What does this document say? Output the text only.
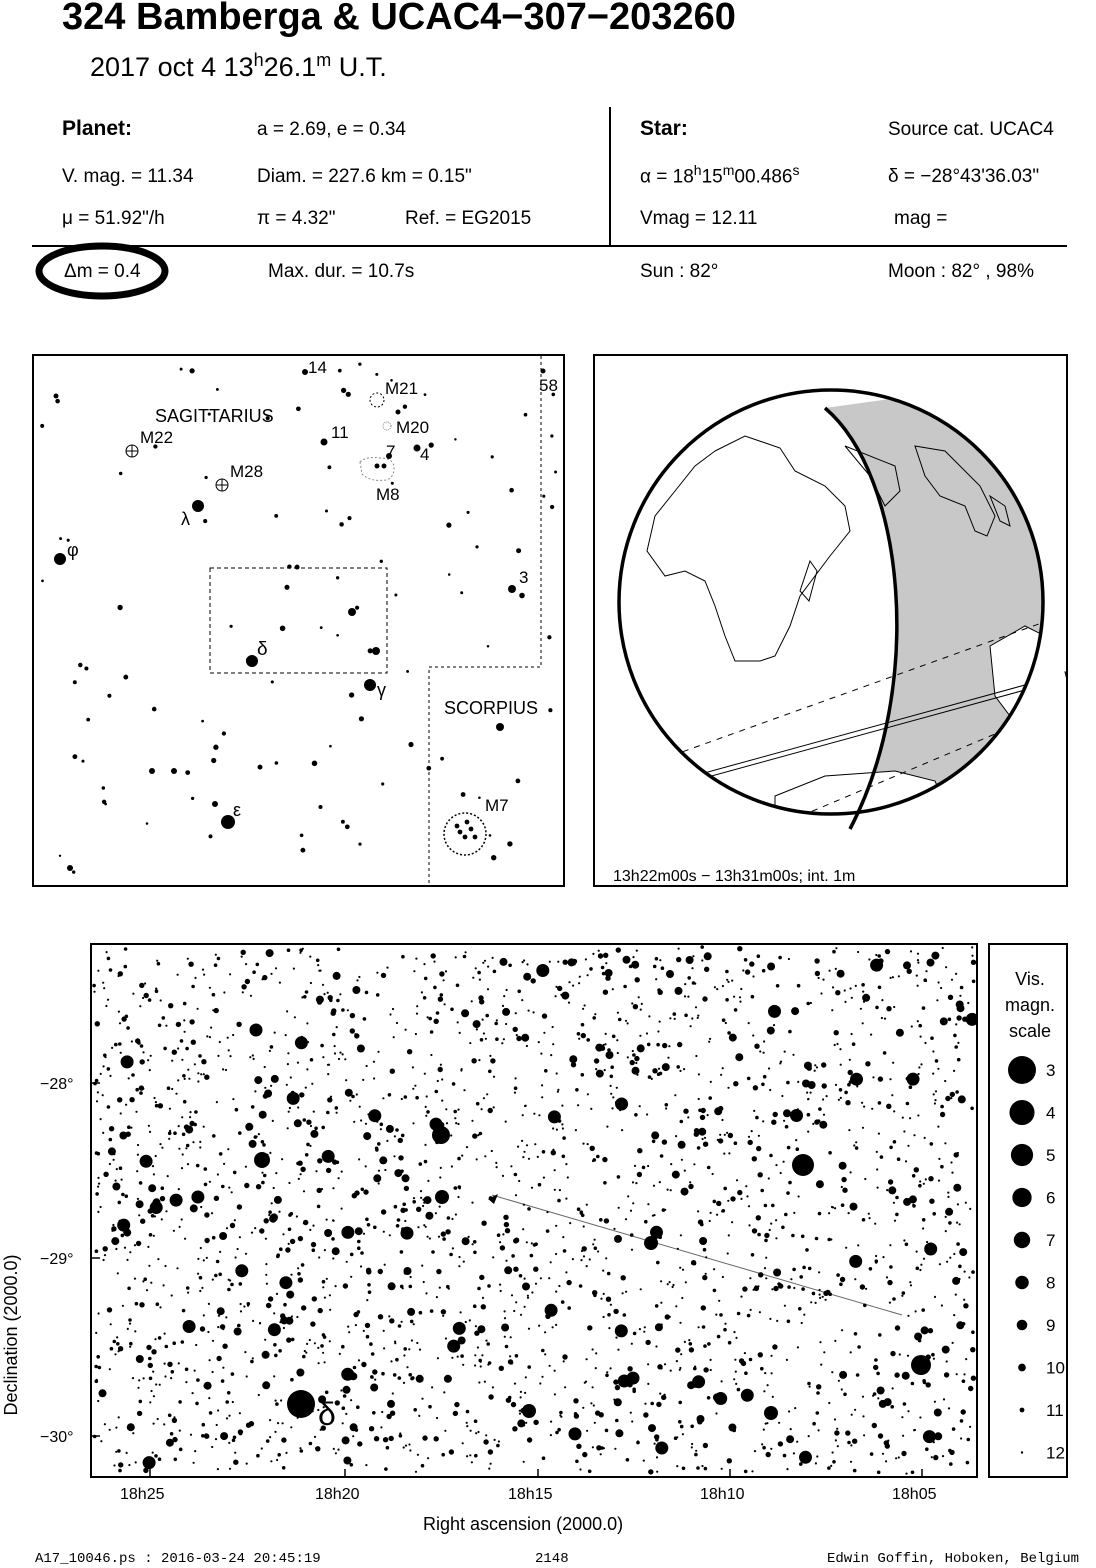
324 Bamberga & UCAC4−307−203260
2017 oct 4 13$^h$26.1$^m$ U.T.
Planet:	a = 2.69, e = 0.34
V. mag. = 11.34	Diam. = 227.6 km = 0.15"
μ = 51.92"/h	π = 4.32"	Ref. = EG2015
Star:	Source cat. UCAC4
$\alpha = 18^h15^m00.486^s$	δ = −28°43'36.03"
Vmag = 12.11	mag =
Δm = 0.4	Max. dur. = 10.7s	Sun : 82°	Moon : 82° , 98%
SAGITTARIUS
SCORPIUS
14
58
M21
M20
11
7 4
M8
M22
M28
λ
φ
3
δ
γ
ε	M7
13h22m00s − 13h31m00s; int. 1m
δ
−28°
−29°
−30°
18h25	18h20	18h15	18h10	18h05
Right ascension (2000.0)
Declination (2000.0)
Vis.
magn.
scale
3
4
5
6
7
8
9
10
11
12
A17_10046.ps : 2016-03-24 20:45:19	2148	Edwin Goffin, Hoboken, Belgium
